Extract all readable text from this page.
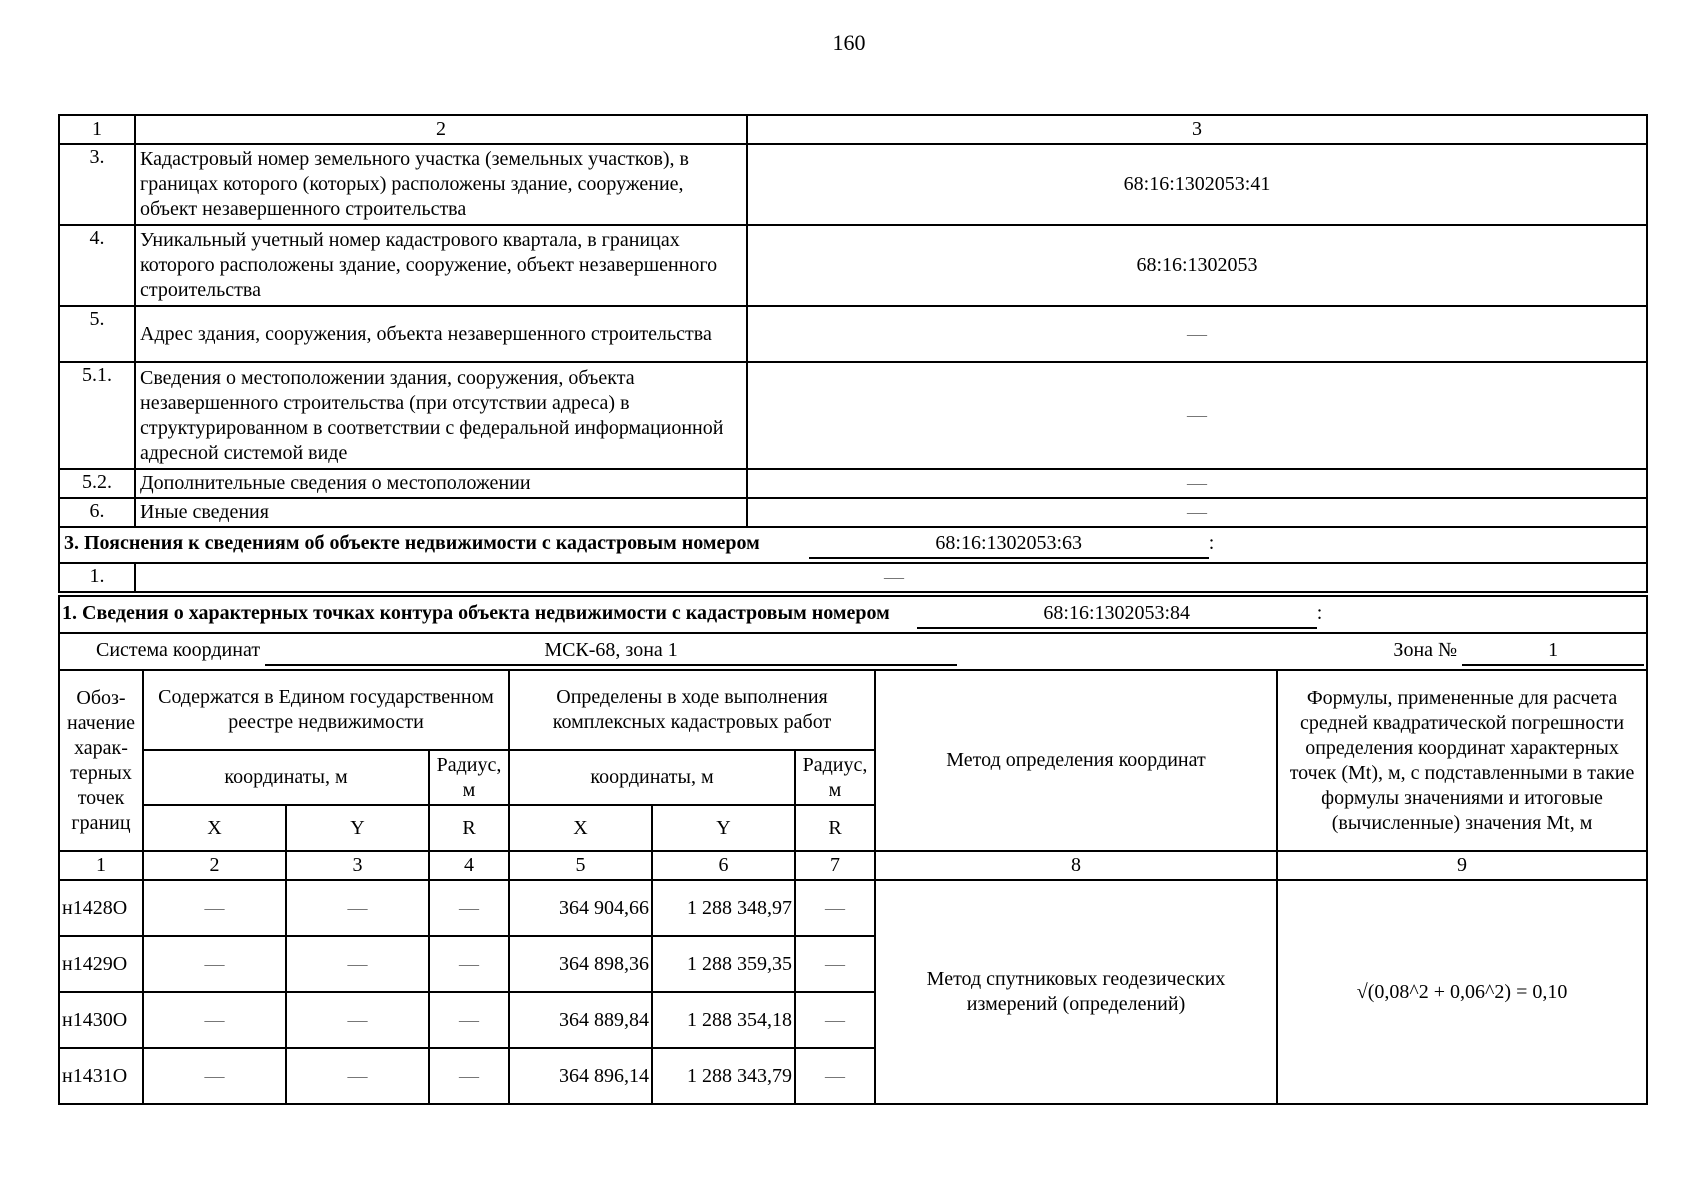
160
1	2	3
3.	Кадастровый номер земельного участка (земельных участков), в границах которого (которых) расположены здание, сооружение, объект незавершенного строительства	68:16:1302053:41
4.	Уникальный учетный номер кадастрового квартала, в границах которого расположены здание, сооружение, объект незавершенного строительства	68:16:1302053
5.	Адрес здания, сооружения, объекта незавершенного строительства	—
5.1.	Сведения о местоположении здания, сооружения, объекта незавершенного строительства (при отсутствии адреса) в структурированном в соответствии с федеральной информационной адресной системой виде	—
5.2.	Дополнительные сведения о местоположении	—
6.	Иные сведения	—
3. Пояснения к сведениям об объекте недвижимости с кадастровым номером 68:16:1302053:63 :		
1.	—	
1. Сведения о характерных точках контура объекта недвижимости с кадастровым номером 68:16:1302053:84 :								
Система координат МСК-68, зона 1 Зона № 1								

Обоз-начение харак-терных точек границ	Содержатся в Едином государственном реестре недвижимости			Определены в ходе выполнения комплексных кадастровых работ			Метод определения координат	Формулы, примененные для расчета средней квадратической погрешности определения координат характерных точек (Mt), м, с подставленными в такие формулы значениями и итоговые (вычисленные) значения Mt, м
	координаты, м		Радиус, м	координаты, м		Радиус, м		
	X	Y	R	X	Y	R		
1	2	3	4	5	6	7	8	9
н1428О	—	—	—	364 904,66	1 288 348,97	—	Метод спутниковых геодезических измерений (определений)	√(0,08^2 + 0,06^2) = 0,10
н1429О	—	—	—	364 898,36	1 288 359,35	—		
н1430О	—	—	—	364 889,84	1 288 354,18	—		
н1431О	—	—	—	364 896,14	1 288 343,79	—		
